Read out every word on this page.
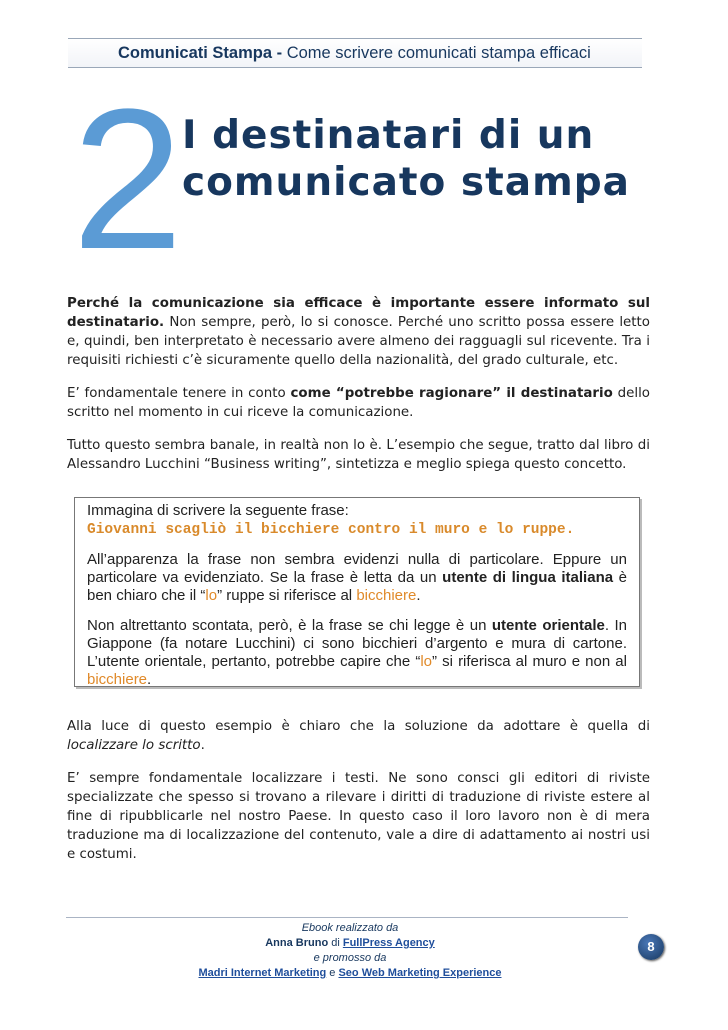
Comunicati Stampa - Come scrivere comunicati stampa efficaci
2
I destinatari di un comunicato stampa

Perché la comunicazione sia efficace è importante essere informato sul destinatario. Non sempre, però, lo si conosce. Perché uno scritto possa essere letto e, quindi, ben interpretato è necessario avere almeno dei ragguagli sul ricevente. Tra i requisiti richiesti c’è sicuramente quello della nazionalità, del grado culturale, etc.

E’ fondamentale tenere in conto come “potrebbe ragionare” il destinatario dello scritto nel momento in cui riceve la comunicazione.

Tutto questo sembra banale, in realtà non lo è. L’esempio che segue, tratto dal libro di Alessandro Lucchini “Business writing”, sintetizza e meglio spiega questo concetto.

Immagina di scrivere la seguente frase:
Giovanni scagliò il bicchiere contro il muro e lo ruppe.

All’apparenza la frase non sembra evidenzi nulla di particolare. Eppure un particolare va evidenziato. Se la frase è letta da un utente di lingua italiana è ben chiaro che il “lo” ruppe si riferisce al bicchiere.

Non altrettanto scontata, però, è la frase se chi legge è un utente orientale. In Giappone (fa notare Lucchini) ci sono bicchieri d’argento e mura di cartone. L’utente orientale, pertanto, potrebbe capire che “lo” si riferisca al muro e non al bicchiere.

Alla luce di questo esempio è chiaro che la soluzione da adottare è quella di localizzare lo scritto.

E’ sempre fondamentale localizzare i testi. Ne sono consci gli editori di riviste specializzate che spesso si trovano a rilevare i diritti di traduzione di riviste estere al fine di ripubblicarle nel nostro Paese. In questo caso il loro lavoro non è di mera traduzione ma di localizzazione del contenuto, vale a dire di adattamento ai nostri usi e costumi.

Ebook realizzato da
Anna Bruno di FullPress Agency
e promosso da
Madri Internet Marketing e Seo Web Marketing Experience
8
